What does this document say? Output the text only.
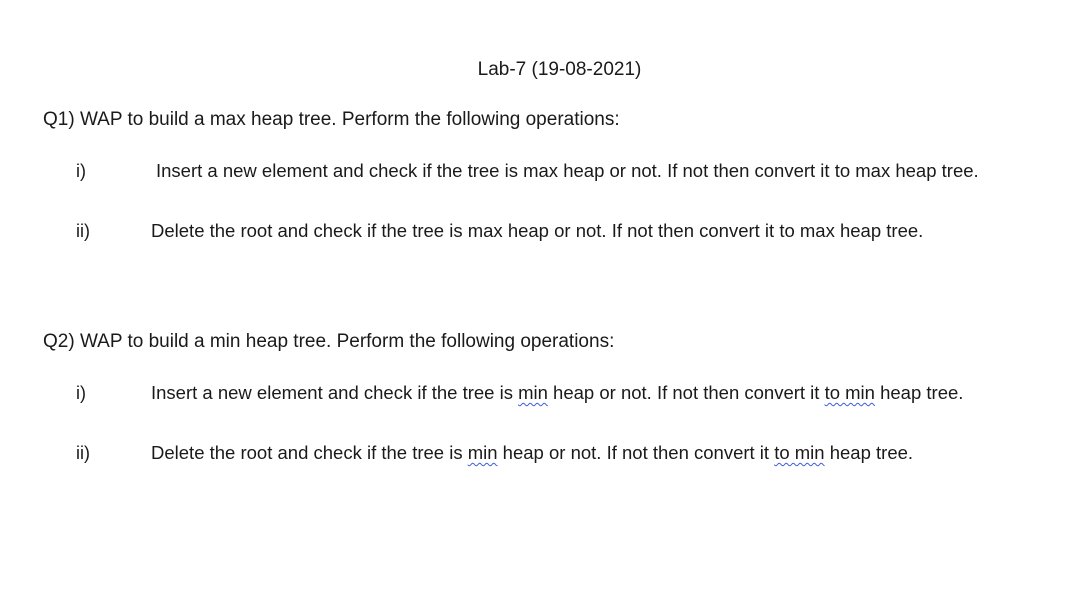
Lab-7 (19-08-2021)
Q1) WAP to build a max heap tree. Perform the following operations:
i)	Insert a new element and check if the tree is max heap or not. If not then convert it to max heap tree.
ii)	Delete the root and check if the tree is max heap or not. If not then convert it to max heap tree.
Q2) WAP to build a min heap tree. Perform the following operations:
i)	Insert a new element and check if the tree is min heap or not. If not then convert it to min heap tree.
ii)	Delete the root and check if the tree is min heap or not. If not then convert it to min heap tree.
